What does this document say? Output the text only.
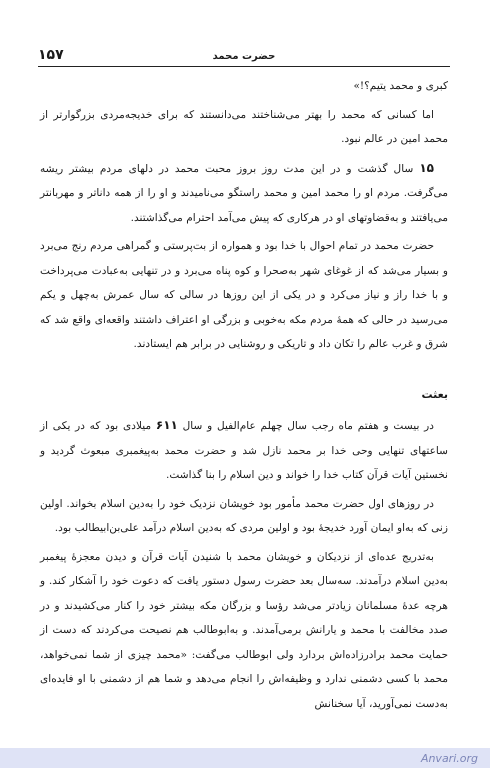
حضرت محمد
۱۵۷

کبری و محمد یتیم؟!»

اما کسانی که محمد را بهتر می‌شناختند می‌دانستند که برای خدیجه‌مردی بزرگوارتر از محمد امین در عالم نبود.

۱۵ سال گذشت و در این مدت روز بروز محبت محمد در دلهای مردم بیشتر ریشه می‌گرفت. مردم او را محمد امین و محمد راستگو می‌نامیدند و او را از همه داناتر و مهربانتر می‌یافتند و به‌قضاوتهای او در هرکاری که پیش می‌آمد احترام می‌گذاشتند.

حضرت محمد در تمام احوال با خدا بود و همواره از بت‌پرستی و گمراهی مردم رنج می‌برد و بسیار می‌شد که از غوغای شهر به‌صحرا و کوه پناه می‌برد و در تنهایی به‌عبادت می‌پرداخت و با خدا راز و نیاز می‌کرد و در یکی از این روزها در سالی که سال عمرش به‌چهل و یکم می‌رسید در حالی که همهٔ مردم مکه به‌خوبی و بزرگی او اعتراف داشتند واقعه‌ای واقع شد که شرق و غرب عالم را تکان داد و تاریکی و روشنایی در برابر هم ایستادند.

بعثت

در بیست و هفتم ماه رجب سال چهلم عام‌الفیل و سال ۶۱۱ میلادی بود که در یکی از ساعتهای تنهایی وحی خدا بر محمد نازل شد و حضرت محمد به‌پیغمبری مبعوث گردید و نخستین آیات قرآن کتاب خدا را خواند و دین اسلام را بنا گذاشت.

در روزهای اول حضرت محمد مأمور بود خویشان نزدیک خود را به‌دین اسلام بخواند. اولین زنی که به‌او ایمان آورد خدیجهٔ بود و اولین مردی که به‌دین اسلام درآمد علی‌بن‌ابیطالب بود.

به‌تدریج عده‌ای از نزدیکان و خویشان محمد با شنیدن آیات قرآن و دیدن معجزهٔ پیغمبر به‌دین اسلام درآمدند. سه‌سال بعد حضرت رسول دستور یافت که دعوت خود را آشکار کند. و هرچه عدهٔ مسلمانان زیادتر می‌شد رؤسا و بزرگان مکه بیشتر خود را کنار می‌کشیدند و در صدد مخالفت با محمد و یارانش برمی‌آمدند. و به‌ابوطالب هم نصیحت می‌کردند که دست از حمایت محمد برادرزاده‌اش بردارد ولی ابوطالب می‌گفت: «محمد چیزی از شما نمی‌خواهد، محمد با کسی دشمنی ندارد و وظیفه‌اش را انجام می‌دهد و شما هم از دشمنی با او فایده‌ای به‌دست نمی‌آورید، آیا سخنانش

Anvari.org
